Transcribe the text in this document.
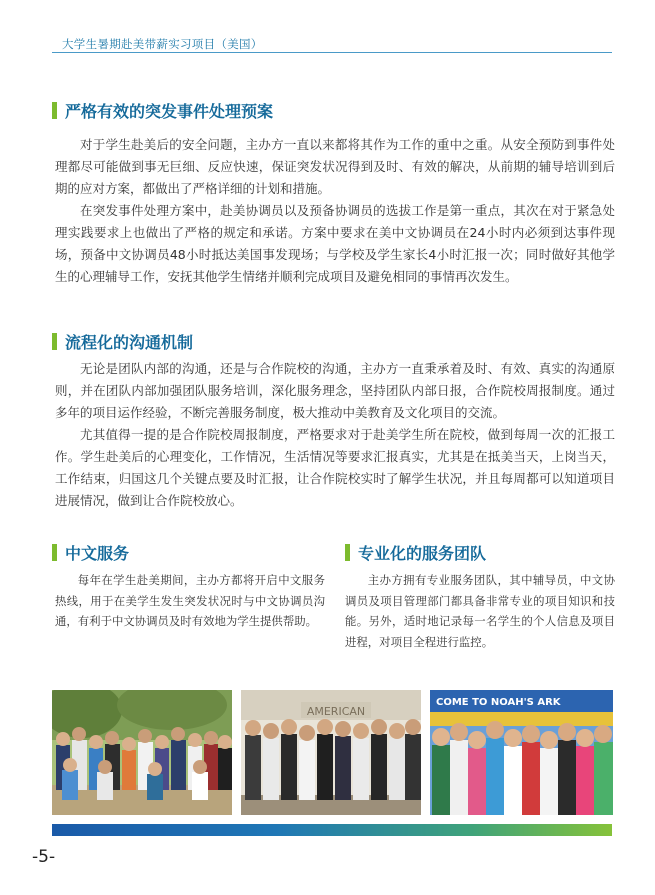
大学生暑期赴美带薪实习项目（美国）
严格有效的突发事件处理预案

对于学生赴美后的安全问题，主办方一直以来都将其作为工作的重中之重。从安全预防到事件处理都尽可能做到事无巨细、反应快速，保证突发状况得到及时、有效的解决，从前期的辅导培训到后期的应对方案，都做出了严格详细的计划和措施。

在突发事件处理方案中，赴美协调员以及预备协调员的选拔工作是第一重点，其次在对于紧急处理实践要求上也做出了严格的规定和承诺。方案中要求在美中文协调员在24小时内必须到达事件现场，预备中文协调员48小时抵达美国事发现场；与学校及学生家长4小时汇报一次；同时做好其他学生的心理辅导工作，安抚其他学生情绪并顺利完成项目及避免相同的事情再次发生。

流程化的沟通机制

无论是团队内部的沟通，还是与合作院校的沟通，主办方一直秉承着及时、有效、真实的沟通原则，并在团队内部加强团队服务培训，深化服务理念，坚持团队内部日报，合作院校周报制度。通过多年的项目运作经验，不断完善服务制度，极大推动中美教育及文化项目的交流。

尤其值得一提的是合作院校周报制度，严格要求对于赴美学生所在院校，做到每周一次的汇报工作。学生赴美后的心理变化，工作情况，生活情况等要求汇报真实，尤其是在抵美当天，上岗当天，工作结束，归国这几个关键点要及时汇报，让合作院校实时了解学生状况，并且每周都可以知道项目进展情况，做到让合作院校放心。

中文服务

每年在学生赴美期间，主办方都将开启中文服务热线，用于在美学生发生突发状况时与中文协调员沟通，有利于中文协调员及时有效地为学生提供帮助。

专业化的服务团队

主办方拥有专业服务团队，其中辅导员，中文协调员及项目管理部门都具备非常专业的项目知识和技能。另外，适时地记录每一名学生的个人信息及项目进程，对项目全程进行监控。

AMERICAN
COME TO NOAH'S ARK
-5-
